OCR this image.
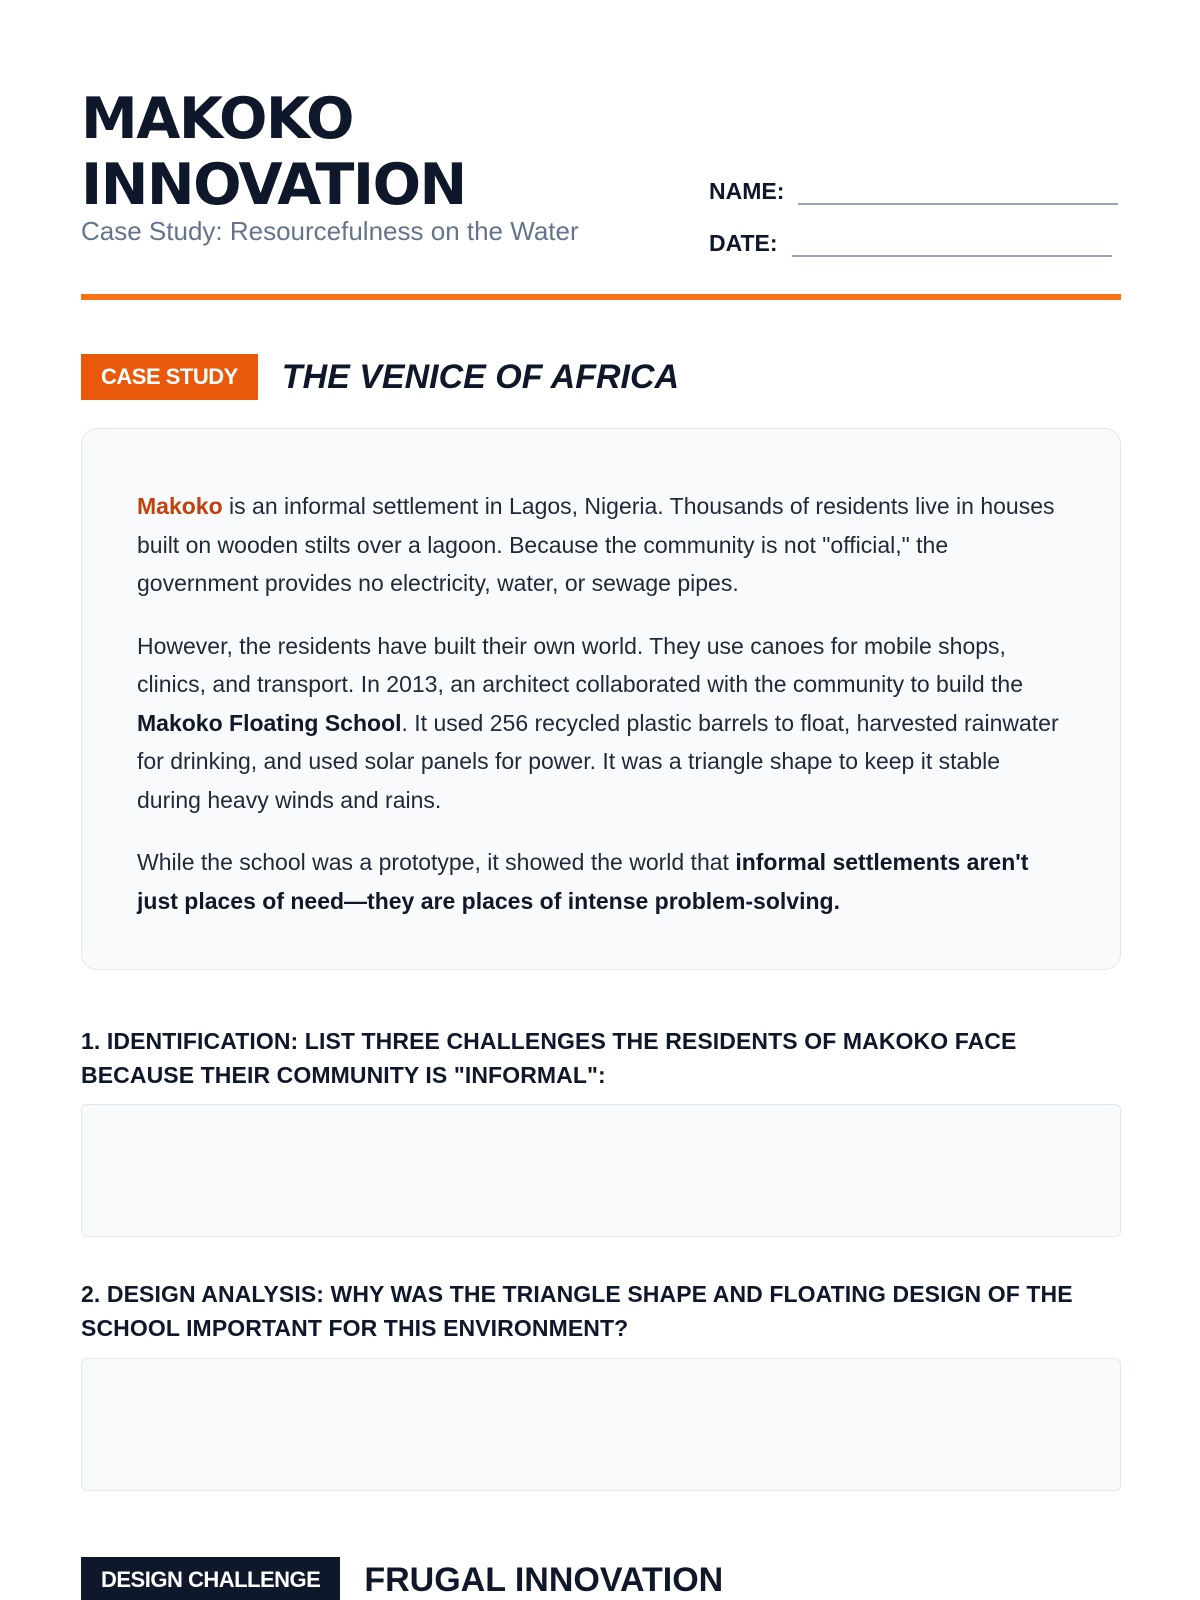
MAKOKO
INNOVATION
Case Study: Resourcefulness on the Water
NAME:
DATE:
CASE STUDY	THE VENICE OF AFRICA

Makoko is an informal settlement in Lagos, Nigeria. Thousands of residents live in houses built on wooden stilts over a lagoon. Because the community is not "official," the government provides no electricity, water, or sewage pipes.

However, the residents have built their own world. They use canoes for mobile shops, clinics, and transport. In 2013, an architect collaborated with the community to build the Makoko Floating School. It used 256 recycled plastic barrels to float, harvested rainwater for drinking, and used solar panels for power. It was a triangle shape to keep it stable during heavy winds and rains.

While the school was a prototype, it showed the world that informal settlements aren't just places of need—they are places of intense problem-solving.

1. IDENTIFICATION: LIST THREE CHALLENGES THE RESIDENTS OF MAKOKO FACE BECAUSE THEIR COMMUNITY IS "INFORMAL":
2. DESIGN ANALYSIS: WHY WAS THE TRIANGLE SHAPE AND FLOATING DESIGN OF THE SCHOOL IMPORTANT FOR THIS ENVIRONMENT?
DESIGN CHALLENGE	FRUGAL INNOVATION
